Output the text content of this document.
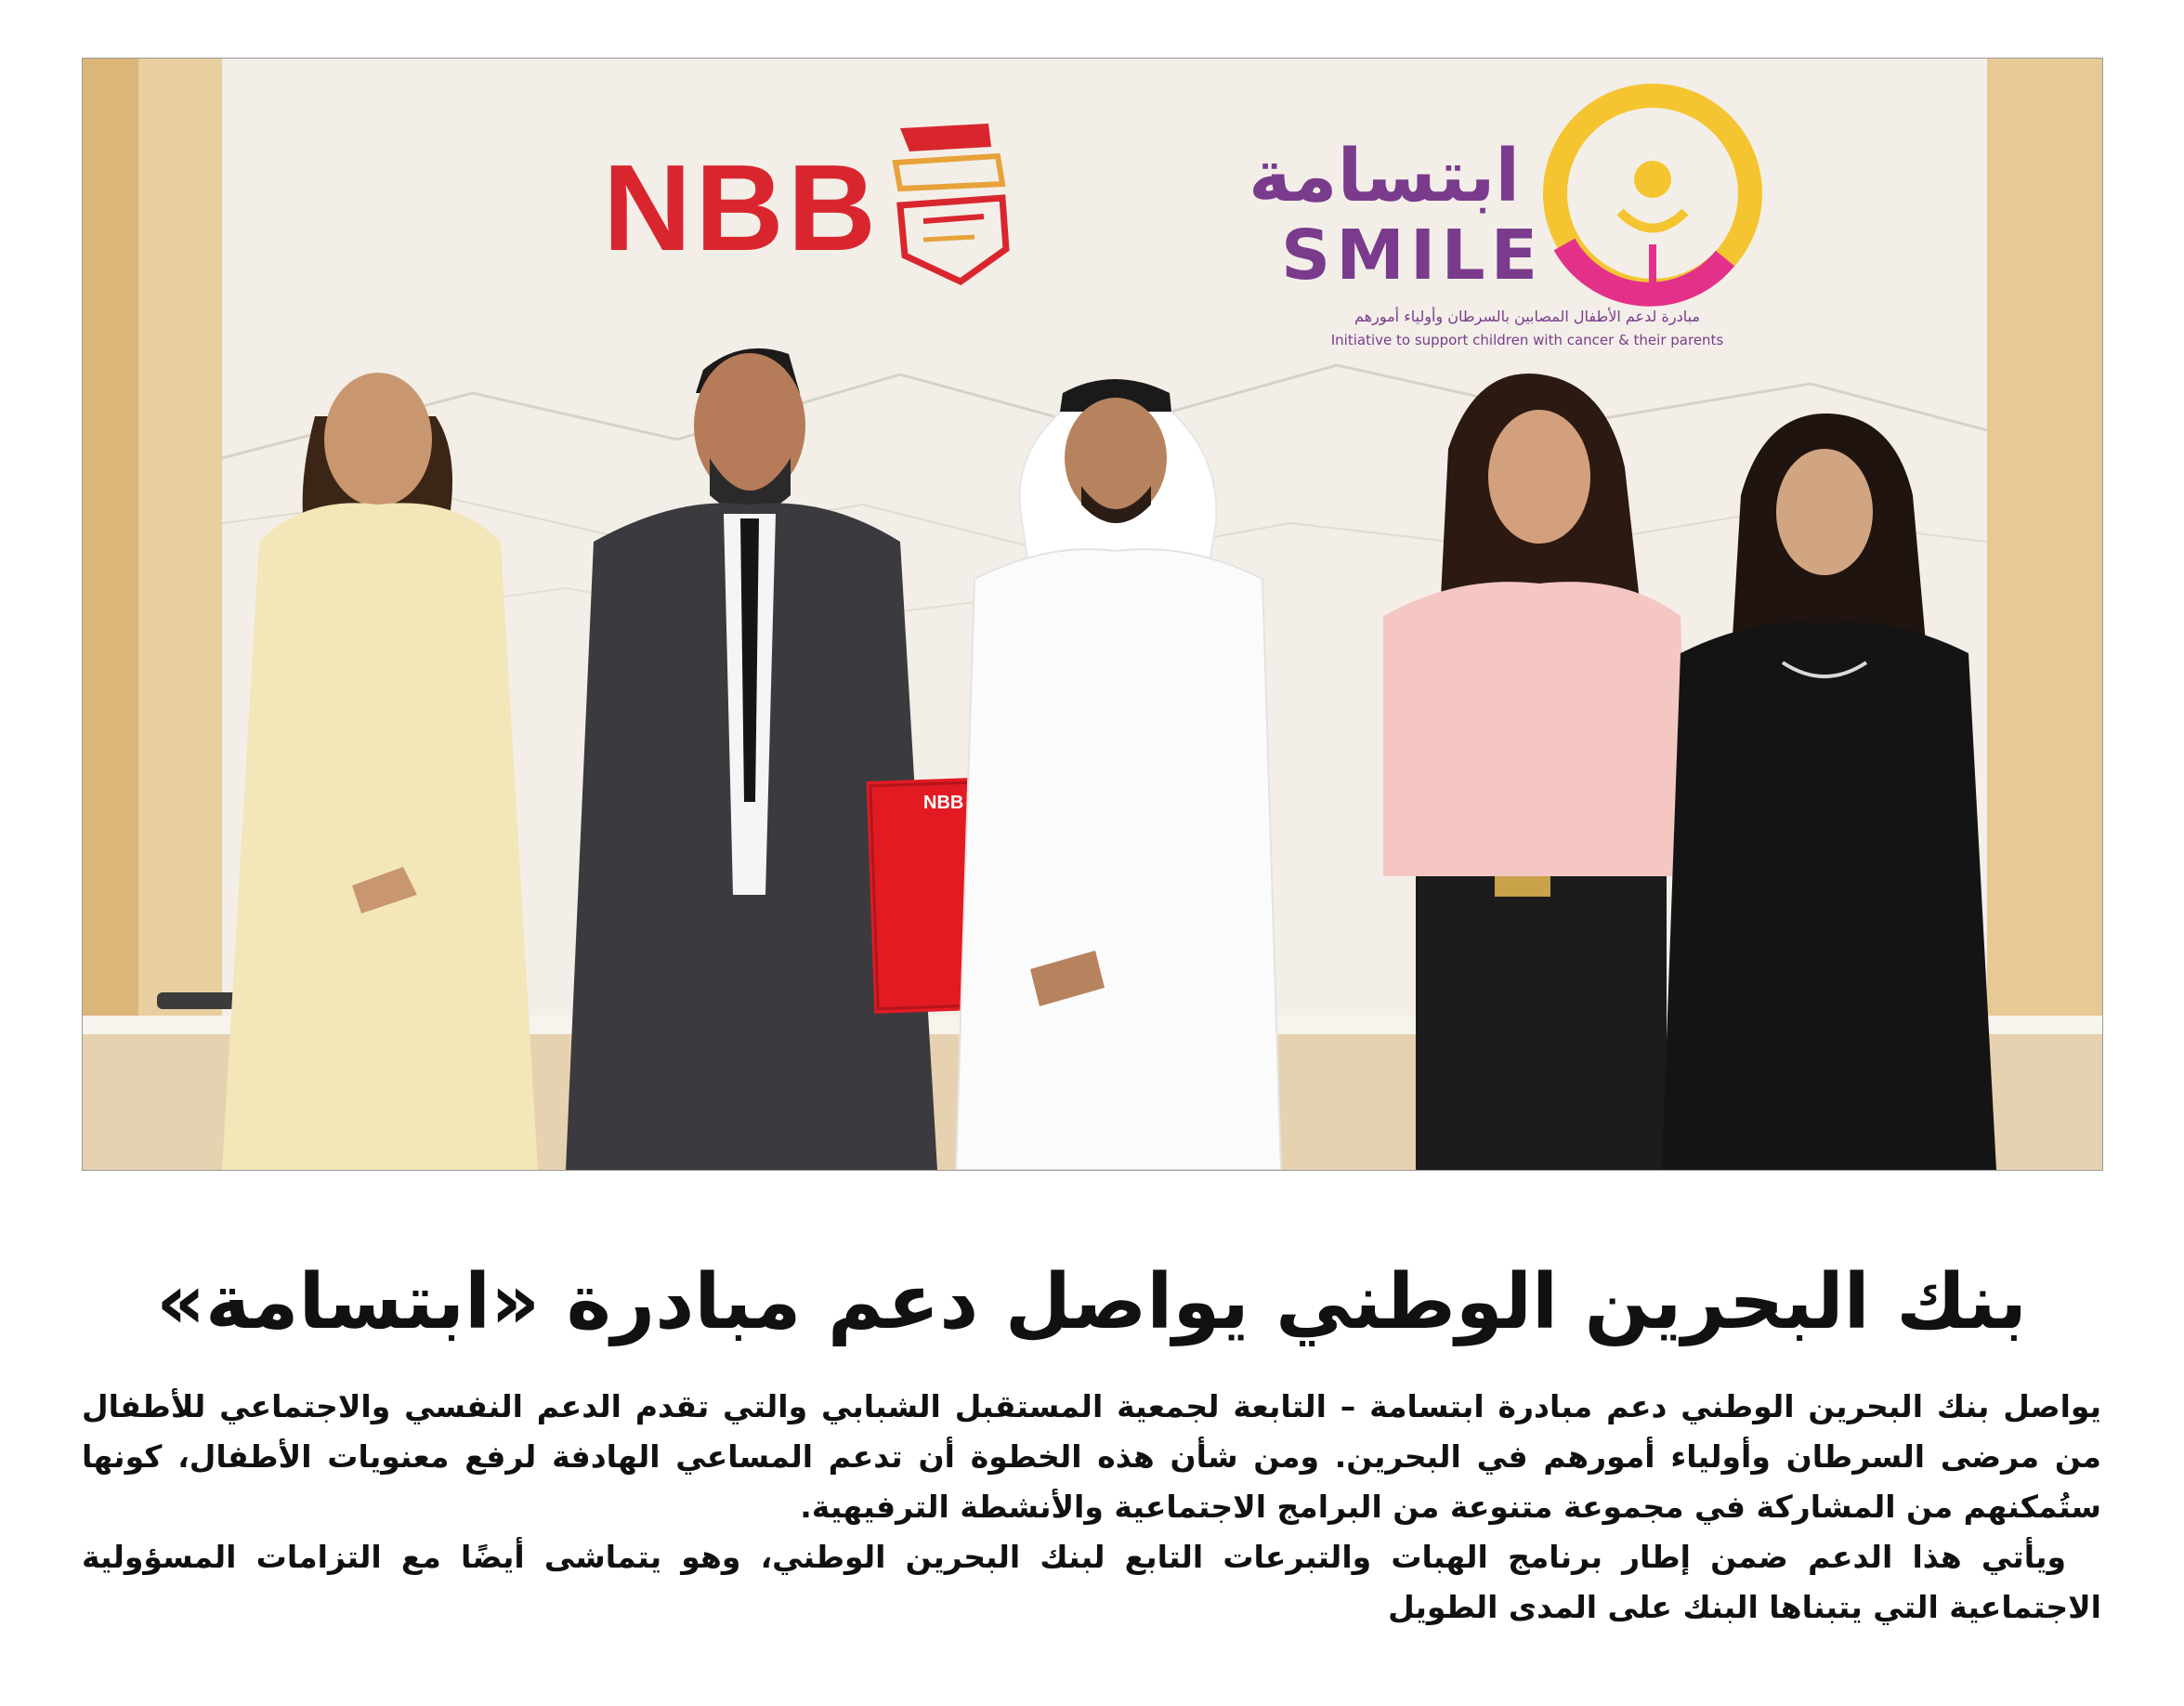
NBB	ابتسامة
SMILE
مبادرة لدعم الأطفال المصابين بالسرطان وأولياء أمورهم
Initiative to support children with cancer & their parents
NBB
بنك البحرين الوطني يواصل دعم مبادرة «ابتسامة»

يواصل بنك البحرين الوطني دعم مبادرة ابتسامة – التابعة لجمعية المستقبل الشبابي والتي تقدم الدعم النفسي والاجتماعي للأطفال من مرضى السرطان وأولياء أمورهم في البحرين. ومن شأن هذه الخطوة أن تدعم المساعي الهادفة لرفع معنويات الأطفال، كونها ستُمكنهم من المشاركة في مجموعة متنوعة من البرامج الاجتماعية والأنشطة الترفيهية.

ويأتي هذا الدعم ضمن إطار برنامج الهبات والتبرعات التابع لبنك البحرين الوطني، وهو يتماشى أيضًا مع التزامات المسؤولية الاجتماعية التي يتبناها البنك على المدى الطويل
